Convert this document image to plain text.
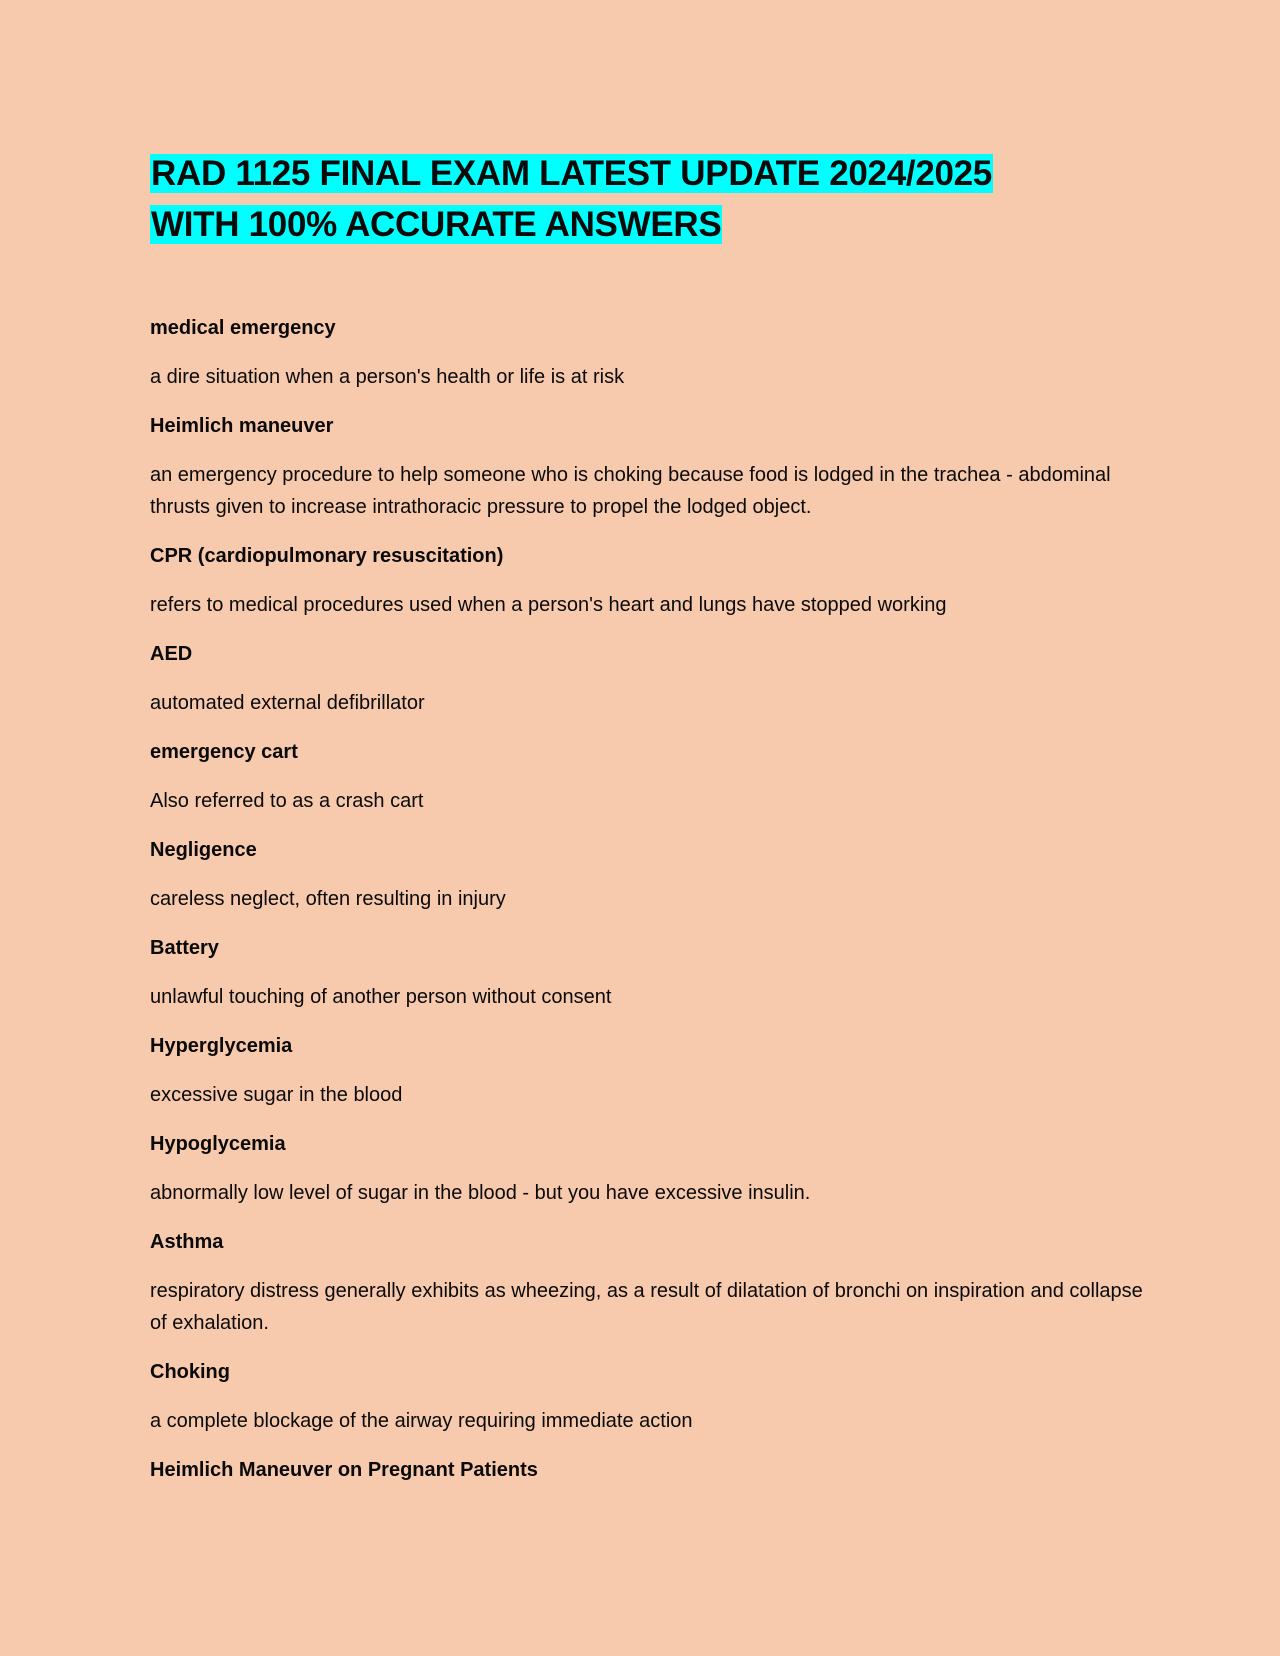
RAD 1125 FINAL EXAM LATEST UPDATE 2024/2025
WITH 100% ACCURATE ANSWERS

medical emergency

a dire situation when a person's health or life is at risk

Heimlich maneuver

an emergency procedure to help someone who is choking because food is lodged in the trachea - abdominal thrusts given to increase intrathoracic pressure to propel the lodged object.

CPR (cardiopulmonary resuscitation)

refers to medical procedures used when a person's heart and lungs have stopped working

AED

automated external defibrillator

emergency cart

Also referred to as a crash cart

Negligence

careless neglect, often resulting in injury

Battery

unlawful touching of another person without consent

Hyperglycemia

excessive sugar in the blood

Hypoglycemia

abnormally low level of sugar in the blood - but you have excessive insulin.

Asthma

respiratory distress generally exhibits as wheezing, as a result of dilatation of bronchi on inspiration and collapse of exhalation.

Choking

a complete blockage of the airway requiring immediate action

Heimlich Maneuver on Pregnant Patients
